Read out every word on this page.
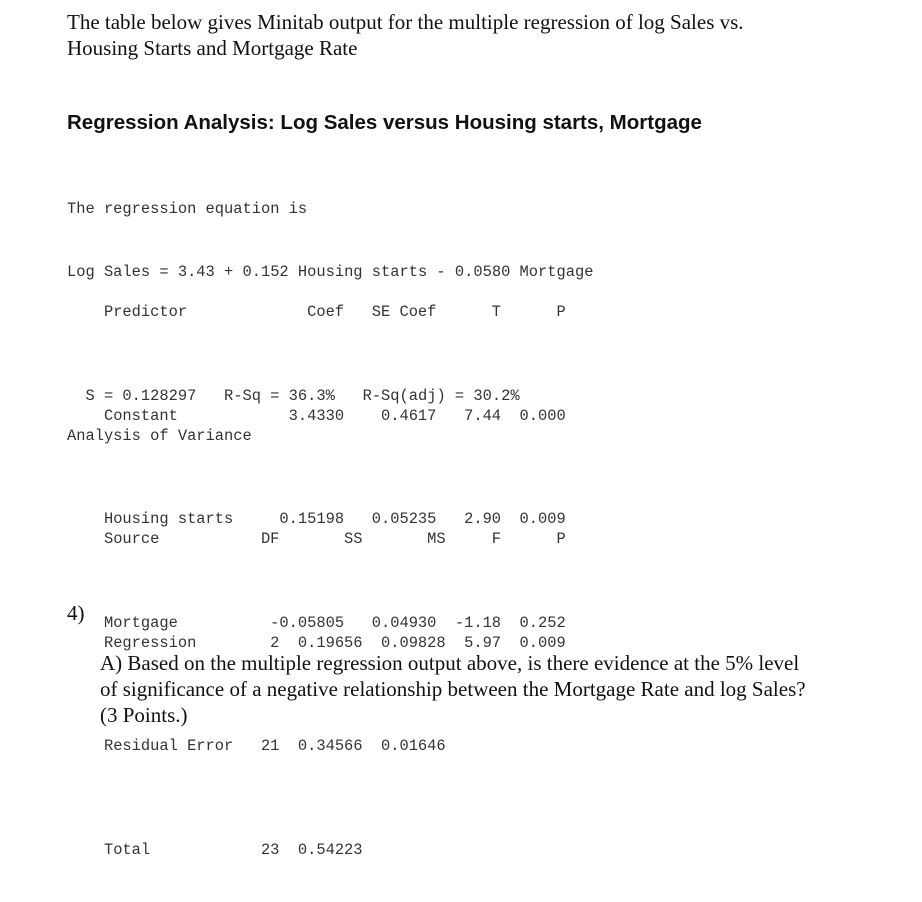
The table below gives Minitab output for the multiple regression of log Sales vs.
Housing Starts and Mortgage Rate
Regression Analysis: Log Sales versus Housing starts, Mortgage

The regression equation is

Log Sales = 3.43 + 0.152 Housing starts - 0.0580 Mortgage

Predictor	Coef SE Coef	T	P

Constant	3.4330 0.4617 7.44 0.000

Housing starts	0.15198 0.05235 2.90 0.009

Mortgage	-0.05805 0.04930 -1.18 0.252

S = 0.128297 R-Sq = 36.3% R-Sq(adj) = 30.2%

Analysis of Variance

Source	DF	SS	MS	F	P

Regression	2 0.19656 0.09828 5.97 0.009

Residual Error 21 0.34566 0.01646

Total	23 0.54223

4)
A) Based on the multiple regression output above, is there evidence at the 5% level
of significance of a negative relationship between the Mortgage Rate and log Sales?
(3 Points.)
